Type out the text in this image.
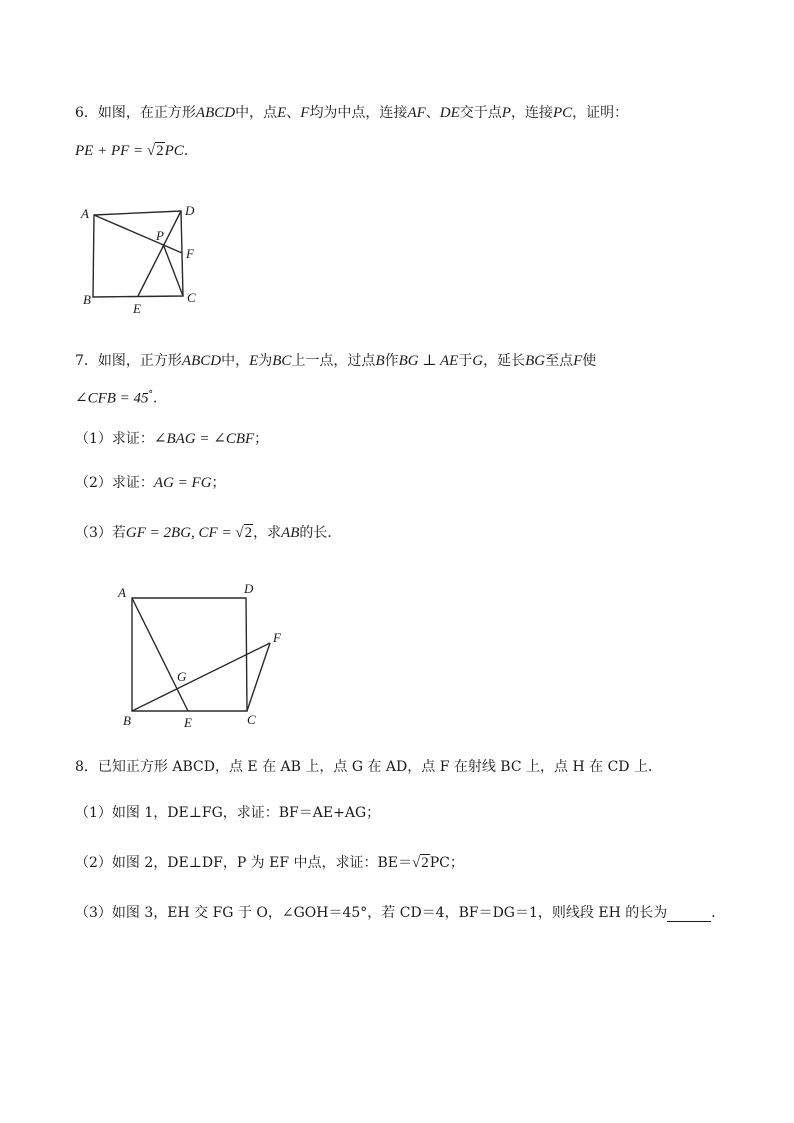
6．如图，在正方形ABCD中，点E、F均为中点，连接AF、DE交于点P，连接PC，证明：
PE + PF = √2PC．
A	D
P
F
B
E
C
7．如图，正方形ABCD中，E为BC上一点，过点B作BG ⊥ AE于G，延长BG至点F使
∠CFB = 45°．
（1）求证：∠BAG = ∠CBF；
（2）求证：AG = FG；
（3）若GF = 2BG, CF = √2，求AB的长．
A	D
F
G
B	E	C
8．已知正方形 ABCD，点 E 在 AB 上，点 G 在 AD，点 F 在射线 BC 上，点 H 在 CD 上．
（1）如图 1，DE⊥FG，求证：BF＝AE+AG；
（2）如图 2，DE⊥DF，P 为 EF 中点，求证：BE＝√2PC；
（3）如图 3，EH 交 FG 于 O，∠GOH＝45°，若 CD＝4，BF＝DG＝1，则线段 EH 的长为	．
